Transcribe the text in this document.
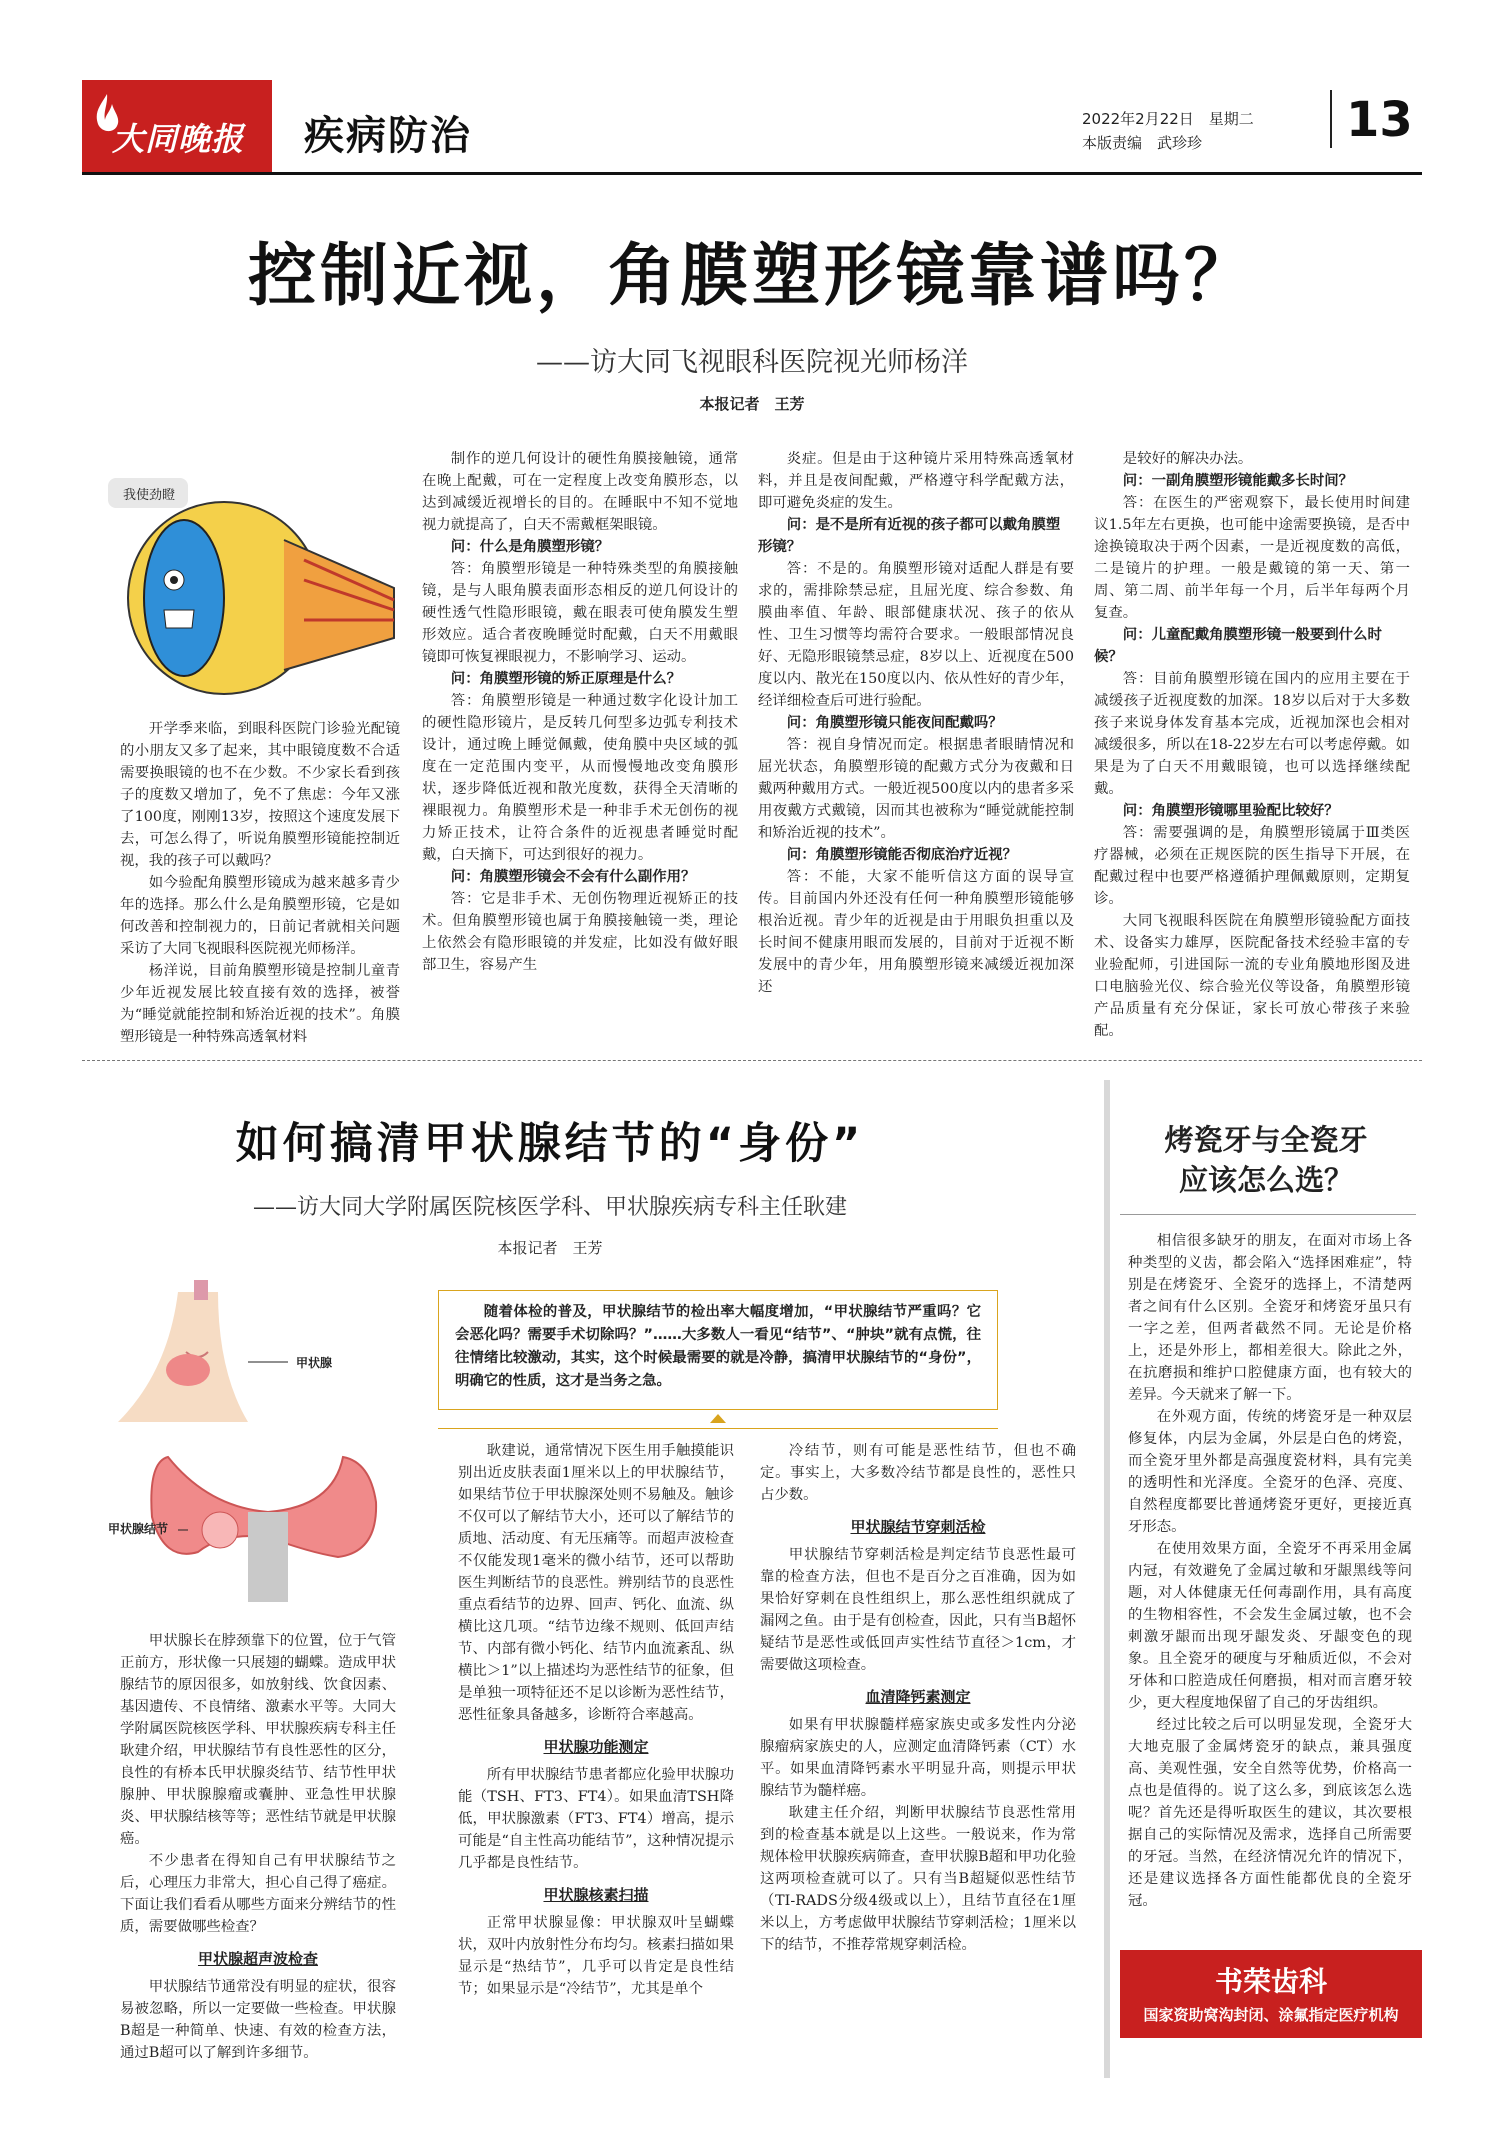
大同晚报 疾病防治	2022年2月22日　星期二
本版责编　武珍珍	13
控制近视，角膜塑形镜靠谱吗？
——访大同飞视眼科医院视光师杨洋
本报记者　王芳
我使劲瞪
开学季来临，到眼科医院门诊验光配镜的小朋友又多了起来，其中眼镜度数不合适需要换眼镜的也不在少数。不少家长看到孩子的度数又增加了，免不了焦虑：今年又涨了100度，刚刚13岁，按照这个速度发展下去，可怎么得了，听说角膜塑形镜能控制近视，我的孩子可以戴吗？
如今验配角膜塑形镜成为越来越多青少年的选择。那么什么是角膜塑形镜，它是如何改善和控制视力的，日前记者就相关问题采访了大同飞视眼科医院视光师杨洋。
杨洋说，目前角膜塑形镜是控制儿童青少年近视发展比较直接有效的选择，被誉为“睡觉就能控制和矫治近视的技术”。角膜塑形镜是一种特殊高透氧材料
制作的逆几何设计的硬性角膜接触镜，通常在晚上配戴，可在一定程度上改变角膜形态，以达到减缓近视增长的目的。在睡眠中不知不觉地视力就提高了，白天不需戴框架眼镜。
问：什么是角膜塑形镜？
答：角膜塑形镜是一种特殊类型的角膜接触镜，是与人眼角膜表面形态相反的逆几何设计的硬性透气性隐形眼镜，戴在眼表可使角膜发生塑形效应。适合者夜晚睡觉时配戴，白天不用戴眼镜即可恢复裸眼视力，不影响学习、运动。
问：角膜塑形镜的矫正原理是什么？
答：角膜塑形镜是一种通过数字化设计加工的硬性隐形镜片，是反转几何型多边弧专利技术设计，通过晚上睡觉佩戴，使角膜中央区域的弧度在一定范围内变平，从而慢慢地改变角膜形状，逐步降低近视和散光度数，获得全天清晰的裸眼视力。角膜塑形术是一种非手术无创伤的视力矫正技术，让符合条件的近视患者睡觉时配戴，白天摘下，可达到很好的视力。
问：角膜塑形镜会不会有什么副作用？
答：它是非手术、无创伤物理近视矫正的技术。但角膜塑形镜也属于角膜接触镜一类，理论上依然会有隐形眼镜的并发症，比如没有做好眼部卫生，容易产生
炎症。但是由于这种镜片采用特殊高透氧材料，并且是夜间配戴，严格遵守科学配戴方法，即可避免炎症的发生。
问：是不是所有近视的孩子都可以戴角膜塑形镜？
答：不是的。角膜塑形镜对适配人群是有要求的，需排除禁忌症，且屈光度、综合参数、角膜曲率值、年龄、眼部健康状况、孩子的依从性、卫生习惯等均需符合要求。一般眼部情况良好、无隐形眼镜禁忌症，8岁以上、近视度在500度以内、散光在150度以内、依从性好的青少年，经详细检查后可进行验配。
问：角膜塑形镜只能夜间配戴吗？
答：视自身情况而定。根据患者眼睛情况和屈光状态，角膜塑形镜的配戴方式分为夜戴和日戴两种戴用方式。一般近视500度以内的患者多采用夜戴方式戴镜，因而其也被称为“睡觉就能控制和矫治近视的技术”。
问：角膜塑形镜能否彻底治疗近视？
答：不能，大家不能听信这方面的误导宣传。目前国内外还没有任何一种角膜塑形镜能够根治近视。青少年的近视是由于用眼负担重以及长时间不健康用眼而发展的，目前对于近视不断发展中的青少年，用角膜塑形镜来减缓近视加深还
是较好的解决办法。
问：一副角膜塑形镜能戴多长时间？
答：在医生的严密观察下，最长使用时间建议1.5年左右更换，也可能中途需要换镜，是否中途换镜取决于两个因素，一是近视度数的高低，二是镜片的护理。一般是戴镜的第一天、第一周、第二周、前半年每一个月，后半年每两个月复查。
问：儿童配戴角膜塑形镜一般要到什么时候？
答：目前角膜塑形镜在国内的应用主要在于减缓孩子近视度数的加深。18岁以后对于大多数孩子来说身体发育基本完成，近视加深也会相对减缓很多，所以在18-22岁左右可以考虑停戴。如果是为了白天不用戴眼镜，也可以选择继续配戴。
问：角膜塑形镜哪里验配比较好？
答：需要强调的是，角膜塑形镜属于Ⅲ类医疗器械，必须在正规医院的医生指导下开展，在配戴过程中也要严格遵循护理佩戴原则，定期复诊。
大同飞视眼科医院在角膜塑形镜验配方面技术、设备实力雄厚，医院配备技术经验丰富的专业验配师，引进国际一流的专业角膜地形图及进口电脑验光仪、综合验光仪等设备，角膜塑形镜产品质量有充分保证，家长可放心带孩子来验配。
如何搞清甲状腺结节的“身份”
——访大同大学附属医院核医学科、甲状腺疾病专科主任耿建
本报记者　王芳
甲状腺
甲状腺结节
随着体检的普及，甲状腺结节的检出率大幅度增加，“甲状腺结节严重吗？它会恶化吗？需要手术切除吗？”……大多数人一看见“结节”、“肿块”就有点慌，往往情绪比较激动，其实，这个时候最需要的就是冷静，搞清甲状腺结节的“身份”，明确它的性质，这才是当务之急。
甲状腺长在脖颈靠下的位置，位于气管正前方，形状像一只展翅的蝴蝶。造成甲状腺结节的原因很多，如放射线、饮食因素、基因遗传、不良情绪、激素水平等。大同大学附属医院核医学科、甲状腺疾病专科主任耿建介绍，甲状腺结节有良性恶性的区分，良性的有桥本氏甲状腺炎结节、结节性甲状腺肿、甲状腺腺瘤或囊肿、亚急性甲状腺炎、甲状腺结核等等；恶性结节就是甲状腺癌。
不少患者在得知自己有甲状腺结节之后，心理压力非常大，担心自己得了癌症。下面让我们看看从哪些方面来分辨结节的性质，需要做哪些检查？
甲状腺超声波检查
甲状腺结节通常没有明显的症状，很容易被忽略，所以一定要做一些检查。甲状腺B超是一种简单、快速、有效的检查方法，通过B超可以了解到许多细节。
耿建说，通常情况下医生用手触摸能识别出近皮肤表面1厘米以上的甲状腺结节，如果结节位于甲状腺深处则不易触及。触诊不仅可以了解结节大小，还可以了解结节的质地、活动度、有无压痛等。而超声波检查不仅能发现1毫米的微小结节，还可以帮助医生判断结节的良恶性。辨别结节的良恶性重点看结节的边界、回声、钙化、血流、纵横比这几项。“结节边缘不规则、低回声结节、内部有微小钙化、结节内血流紊乱、纵横比＞1”以上描述均为恶性结节的征象，但是单独一项特征还不足以诊断为恶性结节，恶性征象具备越多，诊断符合率越高。
甲状腺功能测定
所有甲状腺结节患者都应化验甲状腺功能（TSH、FT3、FT4）。如果血清TSH降低，甲状腺激素（FT3、FT4）增高，提示可能是“自主性高功能结节”，这种情况提示几乎都是良性结节。
甲状腺核素扫描
正常甲状腺显像：甲状腺双叶呈蝴蝶状，双叶内放射性分布均匀。核素扫描如果显示是“热结节”，几乎可以肯定是良性结节；如果显示是“冷结节”，尤其是单个
冷结节，则有可能是恶性结节，但也不确定。事实上，大多数冷结节都是良性的，恶性只占少数。
甲状腺结节穿刺活检
甲状腺结节穿刺活检是判定结节良恶性最可靠的检查方法，但也不是百分之百准确，因为如果恰好穿刺在良性组织上，那么恶性组织就成了漏网之鱼。由于是有创检查，因此，只有当B超怀疑结节是恶性或低回声实性结节直径＞1cm，才需要做这项检查。
血清降钙素测定
如果有甲状腺髓样癌家族史或多发性内分泌腺瘤病家族史的人，应测定血清降钙素（CT）水平。如果血清降钙素水平明显升高，则提示甲状腺结节为髓样癌。
耿建主任介绍，判断甲状腺结节良恶性常用到的检查基本就是以上这些。一般说来，作为常规体检甲状腺疾病筛查，查甲状腺B超和甲功化验这两项检查就可以了。只有当B超疑似恶性结节（TI-RADS分级4级或以上），且结节直径在1厘米以上，方考虑做甲状腺结节穿刺活检；1厘米以下的结节，不推荐常规穿刺活检。
烤瓷牙与全瓷牙
应该怎么选？
相信很多缺牙的朋友，在面对市场上各种类型的义齿，都会陷入“选择困难症”，特别是在烤瓷牙、全瓷牙的选择上，不清楚两者之间有什么区别。全瓷牙和烤瓷牙虽只有一字之差，但两者截然不同。无论是价格上，还是外形上，都相差很大。除此之外，在抗磨损和维护口腔健康方面，也有较大的差异。今天就来了解一下。
在外观方面，传统的烤瓷牙是一种双层修复体，内层为金属，外层是白色的烤瓷，而全瓷牙里外都是高强度瓷材料，具有完美的透明性和光泽度。全瓷牙的色泽、亮度、自然程度都要比普通烤瓷牙更好，更接近真牙形态。
在使用效果方面，全瓷牙不再采用金属内冠，有效避免了金属过敏和牙龈黑线等问题，对人体健康无任何毒副作用，具有高度的生物相容性，不会发生金属过敏，也不会刺激牙龈而出现牙龈发炎、牙龈变色的现象。且全瓷牙的硬度与牙釉质近似，不会对牙体和口腔造成任何磨损，相对而言磨牙较少，更大程度地保留了自己的牙齿组织。
经过比较之后可以明显发现，全瓷牙大大地克服了金属烤瓷牙的缺点，兼具强度高、美观性强，安全自然等优势，价格高一点也是值得的。说了这么多，到底该怎么选呢？首先还是得听取医生的建议，其次要根据自己的实际情况及需求，选择自己所需要的牙冠。当然，在经济情况允许的情况下，还是建议选择各方面性能都优良的全瓷牙冠。
书荣齿科
国家资助窝沟封闭、涂氟指定医疗机构
